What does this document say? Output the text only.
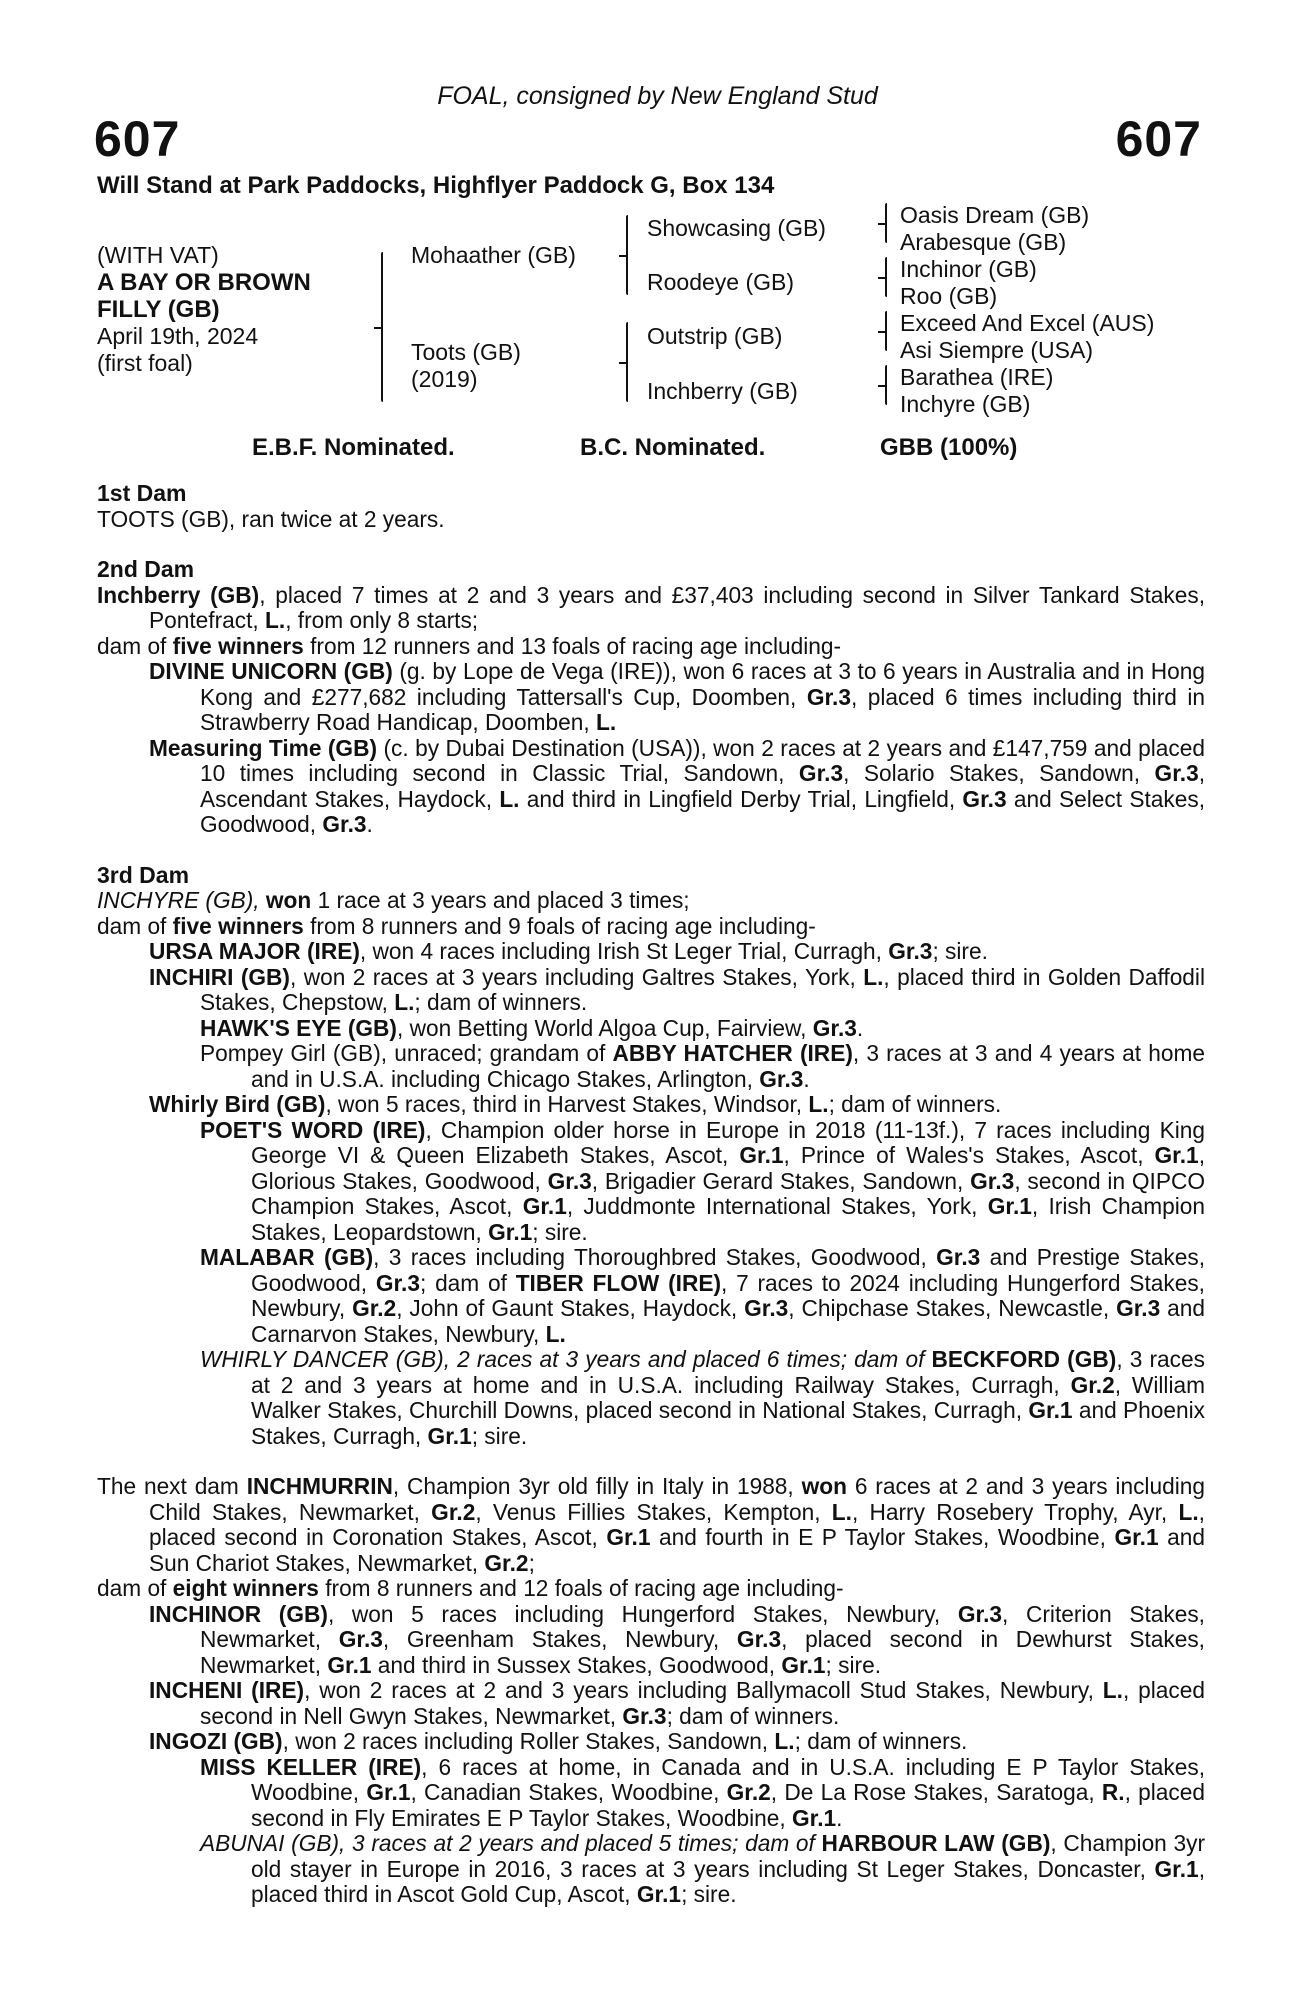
FOAL, consigned by New England Stud
607	607
Will Stand at Park Paddocks, Highflyer Paddock G, Box 134
(WITH VAT)
A BAY OR BROWN
FILLY (GB)
April 19th, 2024
(first foal)
Mohaather (GB)
Toots (GB)
(2019)
Showcasing (GB)
Roodeye (GB)
Outstrip (GB)
Inchberry (GB)
Oasis Dream (GB)
Arabesque (GB)
Inchinor (GB)
Roo (GB)
Exceed And Excel (AUS)
Asi Siempre (USA)
Barathea (IRE)
Inchyre (GB)
E.B.F. Nominated.	B.C. Nominated.	GBB (100%)
1st Dam

TOOTS (GB), ran twice at 2 years.

2nd Dam

Inchberry (GB), placed 7 times at 2 and 3 years and £37,403 including second in Silver Tankard Stakes, Pontefract, L., from only 8 starts;

dam of five winners from 12 runners and 13 foals of racing age including-

DIVINE UNICORN (GB) (g. by Lope de Vega (IRE)), won 6 races at 3 to 6 years in Australia and in Hong Kong and £277,682 including Tattersall's Cup, Doomben, Gr.3, placed 6 times including third in Strawberry Road Handicap, Doomben, L.

Measuring Time (GB) (c. by Dubai Destination (USA)), won 2 races at 2 years and £147,759 and placed 10 times including second in Classic Trial, Sandown, Gr.3, Solario Stakes, Sandown, Gr.3, Ascendant Stakes, Haydock, L. and third in Lingfield Derby Trial, Lingfield, Gr.3 and Select Stakes, Goodwood, Gr.3.

3rd Dam

INCHYRE (GB), won 1 race at 3 years and placed 3 times;

dam of five winners from 8 runners and 9 foals of racing age including-

URSA MAJOR (IRE), won 4 races including Irish St Leger Trial, Curragh, Gr.3; sire.

INCHIRI (GB), won 2 races at 3 years including Galtres Stakes, York, L., placed third in Golden Daffodil Stakes, Chepstow, L.; dam of winners.

HAWK'S EYE (GB), won Betting World Algoa Cup, Fairview, Gr.3.

Pompey Girl (GB), unraced; grandam of ABBY HATCHER (IRE), 3 races at 3 and 4 years at home and in U.S.A. including Chicago Stakes, Arlington, Gr.3.

Whirly Bird (GB), won 5 races, third in Harvest Stakes, Windsor, L.; dam of winners.

POET'S WORD (IRE), Champion older horse in Europe in 2018 (11-13f.), 7 races including King George VI & Queen Elizabeth Stakes, Ascot, Gr.1, Prince of Wales's Stakes, Ascot, Gr.1, Glorious Stakes, Goodwood, Gr.3, Brigadier Gerard Stakes, Sandown, Gr.3, second in QIPCO Champion Stakes, Ascot, Gr.1, Juddmonte International Stakes, York, Gr.1, Irish Champion Stakes, Leopardstown, Gr.1; sire.

MALABAR (GB), 3 races including Thoroughbred Stakes, Goodwood, Gr.3 and Prestige Stakes, Goodwood, Gr.3; dam of TIBER FLOW (IRE), 7 races to 2024 including Hungerford Stakes, Newbury, Gr.2, John of Gaunt Stakes, Haydock, Gr.3, Chipchase Stakes, Newcastle, Gr.3 and Carnarvon Stakes, Newbury, L.

WHIRLY DANCER (GB), 2 races at 3 years and placed 6 times; dam of BECKFORD (GB), 3 races at 2 and 3 years at home and in U.S.A. including Railway Stakes, Curragh, Gr.2, William Walker Stakes, Churchill Downs, placed second in National Stakes, Curragh, Gr.1 and Phoenix Stakes, Curragh, Gr.1; sire.

The next dam INCHMURRIN, Champion 3yr old filly in Italy in 1988, won 6 races at 2 and 3 years including Child Stakes, Newmarket, Gr.2, Venus Fillies Stakes, Kempton, L., Harry Rosebery Trophy, Ayr, L., placed second in Coronation Stakes, Ascot, Gr.1 and fourth in E P Taylor Stakes, Woodbine, Gr.1 and Sun Chariot Stakes, Newmarket, Gr.2;

dam of eight winners from 8 runners and 12 foals of racing age including-

INCHINOR (GB), won 5 races including Hungerford Stakes, Newbury, Gr.3, Criterion Stakes, Newmarket, Gr.3, Greenham Stakes, Newbury, Gr.3, placed second in Dewhurst Stakes, Newmarket, Gr.1 and third in Sussex Stakes, Goodwood, Gr.1; sire.

INCHENI (IRE), won 2 races at 2 and 3 years including Ballymacoll Stud Stakes, Newbury, L., placed second in Nell Gwyn Stakes, Newmarket, Gr.3; dam of winners.

INGOZI (GB), won 2 races including Roller Stakes, Sandown, L.; dam of winners.

MISS KELLER (IRE), 6 races at home, in Canada and in U.S.A. including E P Taylor Stakes, Woodbine, Gr.1, Canadian Stakes, Woodbine, Gr.2, De La Rose Stakes, Saratoga, R., placed second in Fly Emirates E P Taylor Stakes, Woodbine, Gr.1.

ABUNAI (GB), 3 races at 2 years and placed 5 times; dam of HARBOUR LAW (GB), Champion 3yr old stayer in Europe in 2016, 3 races at 3 years including St Leger Stakes, Doncaster, Gr.1, placed third in Ascot Gold Cup, Ascot, Gr.1; sire.
